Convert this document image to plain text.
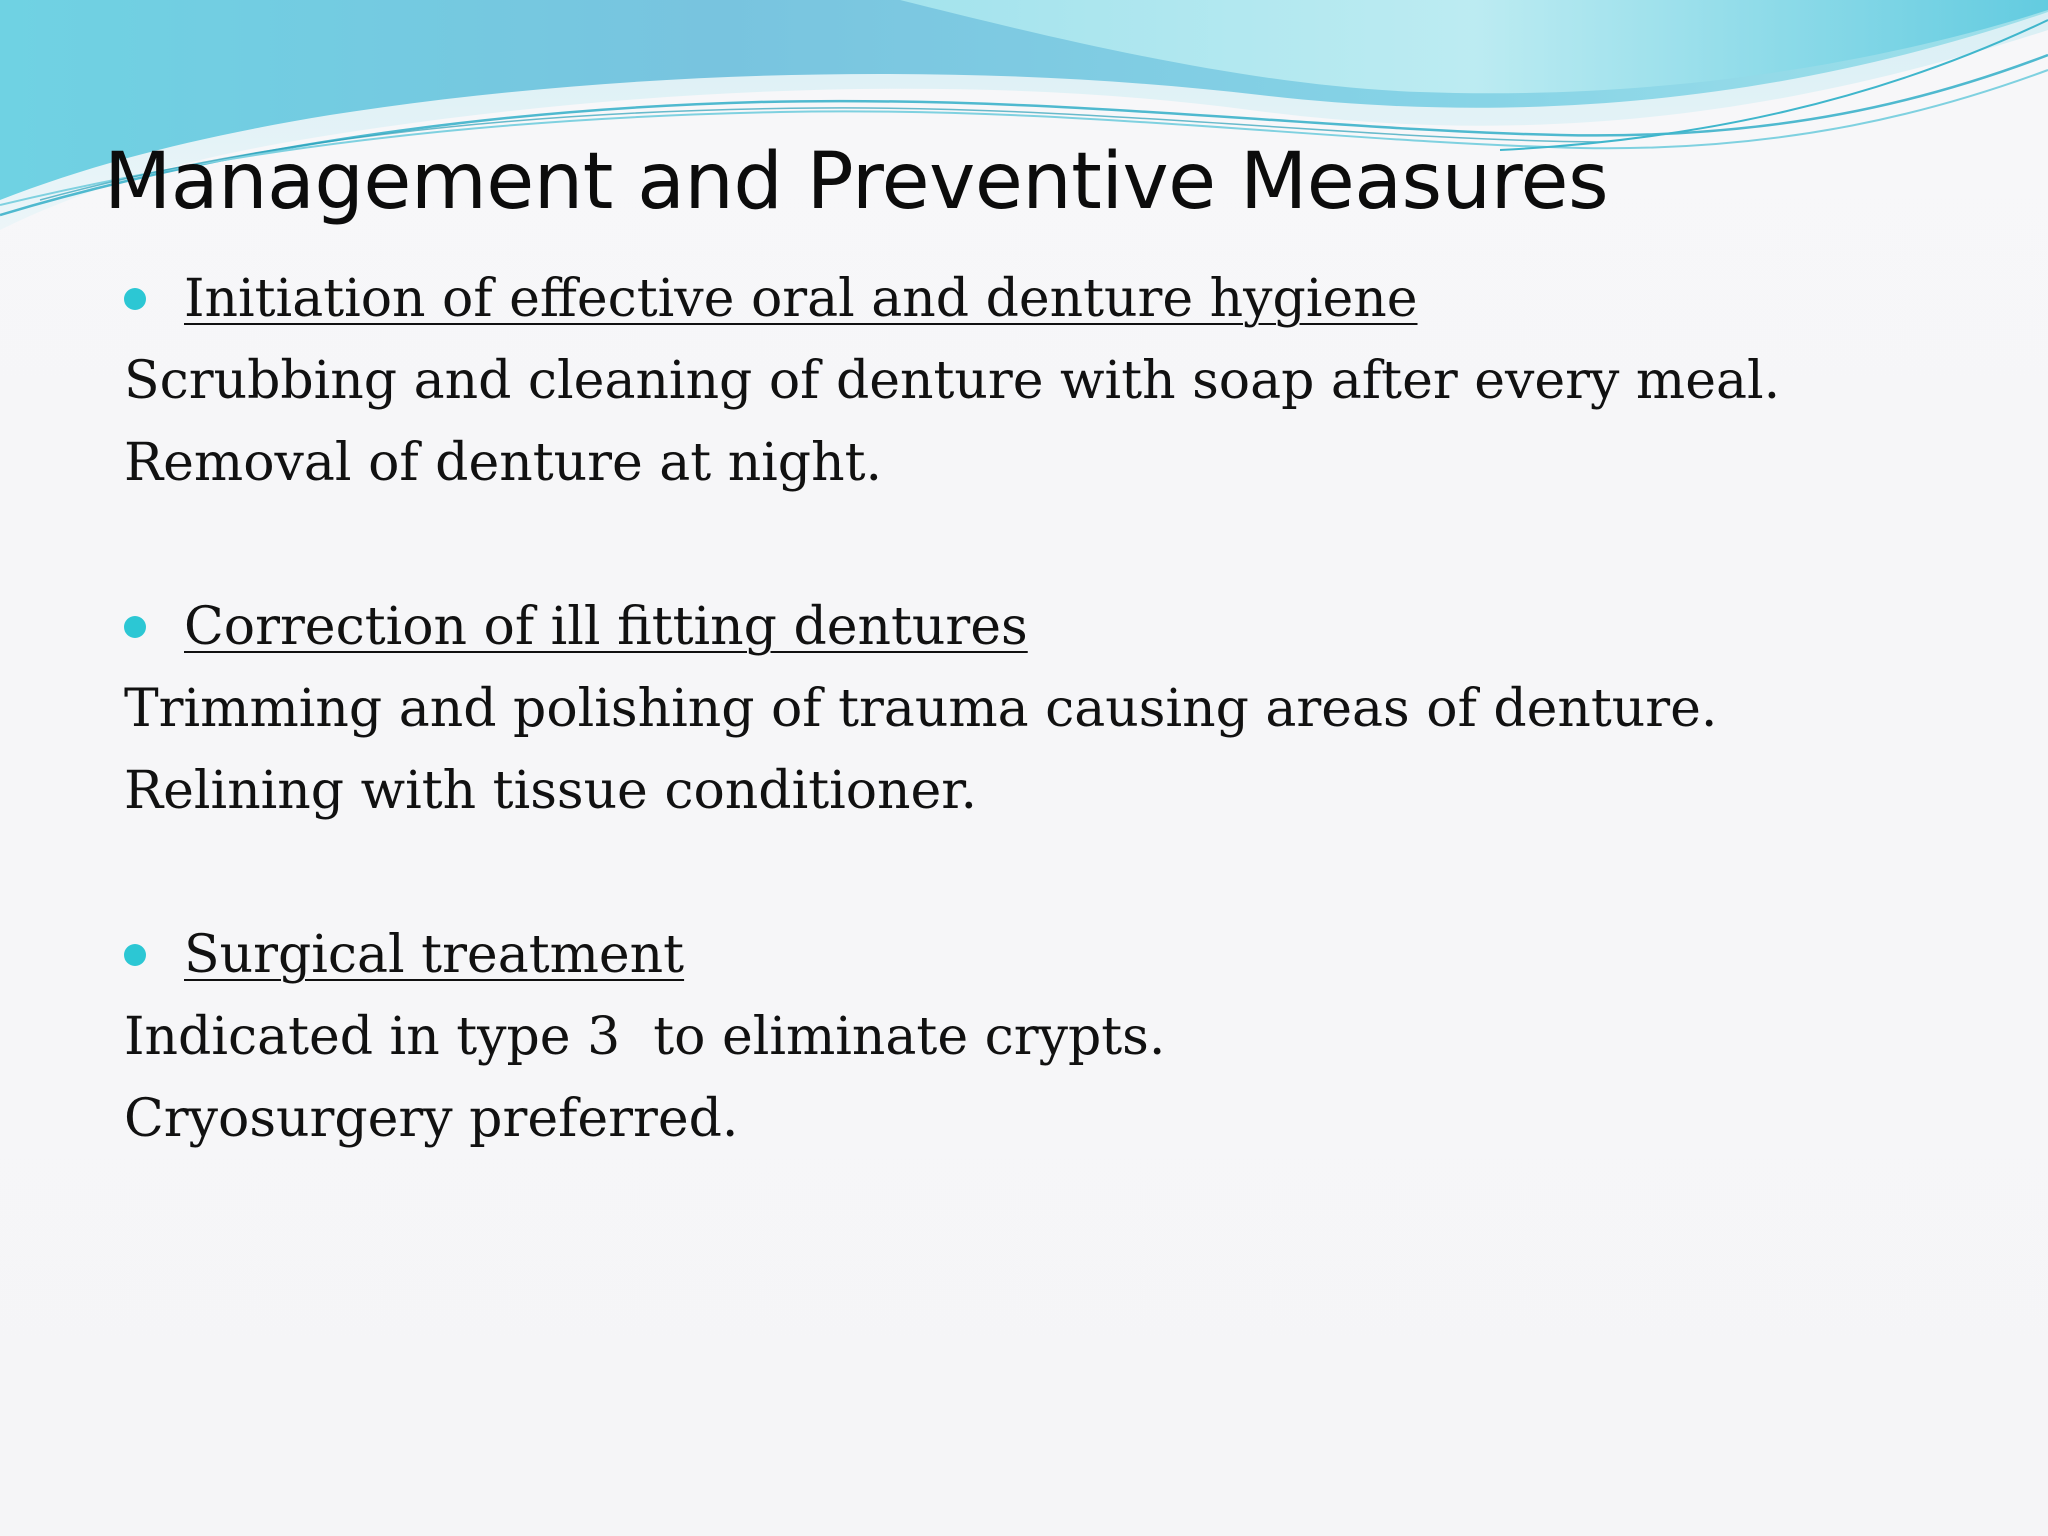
Management and Preventive Measures
Initiation of effective oral and denture hygiene

Scrubbing and cleaning of denture with soap after every meal.

Removal of denture at night.

Correction of ill fitting dentures

Trimming and polishing of trauma causing areas of denture.

Relining with tissue conditioner.

Surgical treatment

Indicated in type 3  to eliminate crypts.

Cryosurgery preferred.
